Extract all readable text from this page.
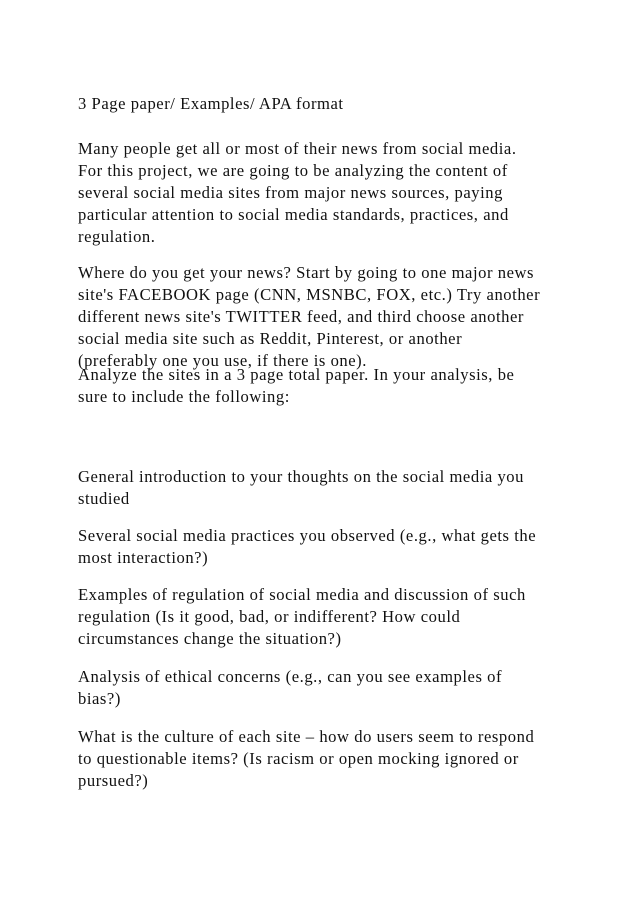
3 Page paper/ Examples/ APA format

Many people get all or most of their news from social media.
For this project, we are going to be analyzing the content of
several social media sites from major news sources, paying
particular attention to social media standards, practices, and
regulation.

Where do you get your news? Start by going to one major news
site's FACEBOOK page (CNN, MSNBC, FOX, etc.) Try another
different news site's TWITTER feed, and third choose another
social media site such as Reddit, Pinterest, or another
(preferably one you use, if there is one).

Analyze the sites in a 3 page total paper. In your analysis, be
sure to include the following:

General introduction to your thoughts on the social media you
studied

Several social media practices you observed (e.g., what gets the
most interaction?)

Examples of regulation of social media and discussion of such
regulation (Is it good, bad, or indifferent? How could
circumstances change the situation?)

Analysis of ethical concerns (e.g., can you see examples of
bias?)

What is the culture of each site – how do users seem to respond
to questionable items? (Is racism or open mocking ignored or
pursued?)
